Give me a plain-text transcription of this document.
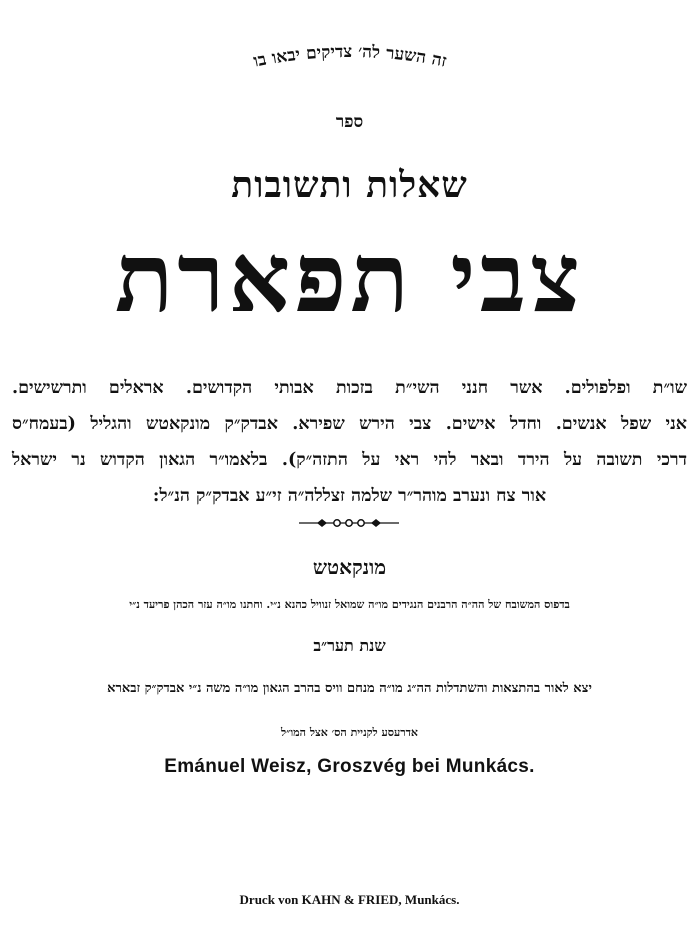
זה השער לה׳ צדיקים יבאו בו
ספר
שאלות ותשובות
צבי תפארת
שו״ת ופלפולים. אשר חנני השי״ת בזכות אבותי הקדושים. אראלים ותרשישים.
אני שפל אנשים. וחדל אישים. צבי הירש שפירא. אבדק״ק מונקאטש והגליל (בעמח״ס
דרכי תשובה על הירד ובאר להי ראי על התזה״ק). בלאמו״ר הגאון הקדוש נר ישראל
אור צח ונערב מוהר״ר שלמה זצללה״ה זי״ע אבדק״ק הנ״ל:
מונקאטש
בדפוס המשובח של הה״ה הרבנים הנגידים מו״ה שמואל זנוויל כהנא נ״י. וחתנו מו״ה עזר הכהן פריעד נ״י
שנת תער״ב
יצא לאור בהתצאות והשתדלות הה״ג מו״ה מנחם וויס בהרב הגאון מו״ה משה נ״י אבדק״ק זבארא
אדרעסע לקניית הס׳ אצל המו״ל
Emánuel Weisz, Groszvég bei Munkács.
Druck von KAHN & FRIED, Munkács.
